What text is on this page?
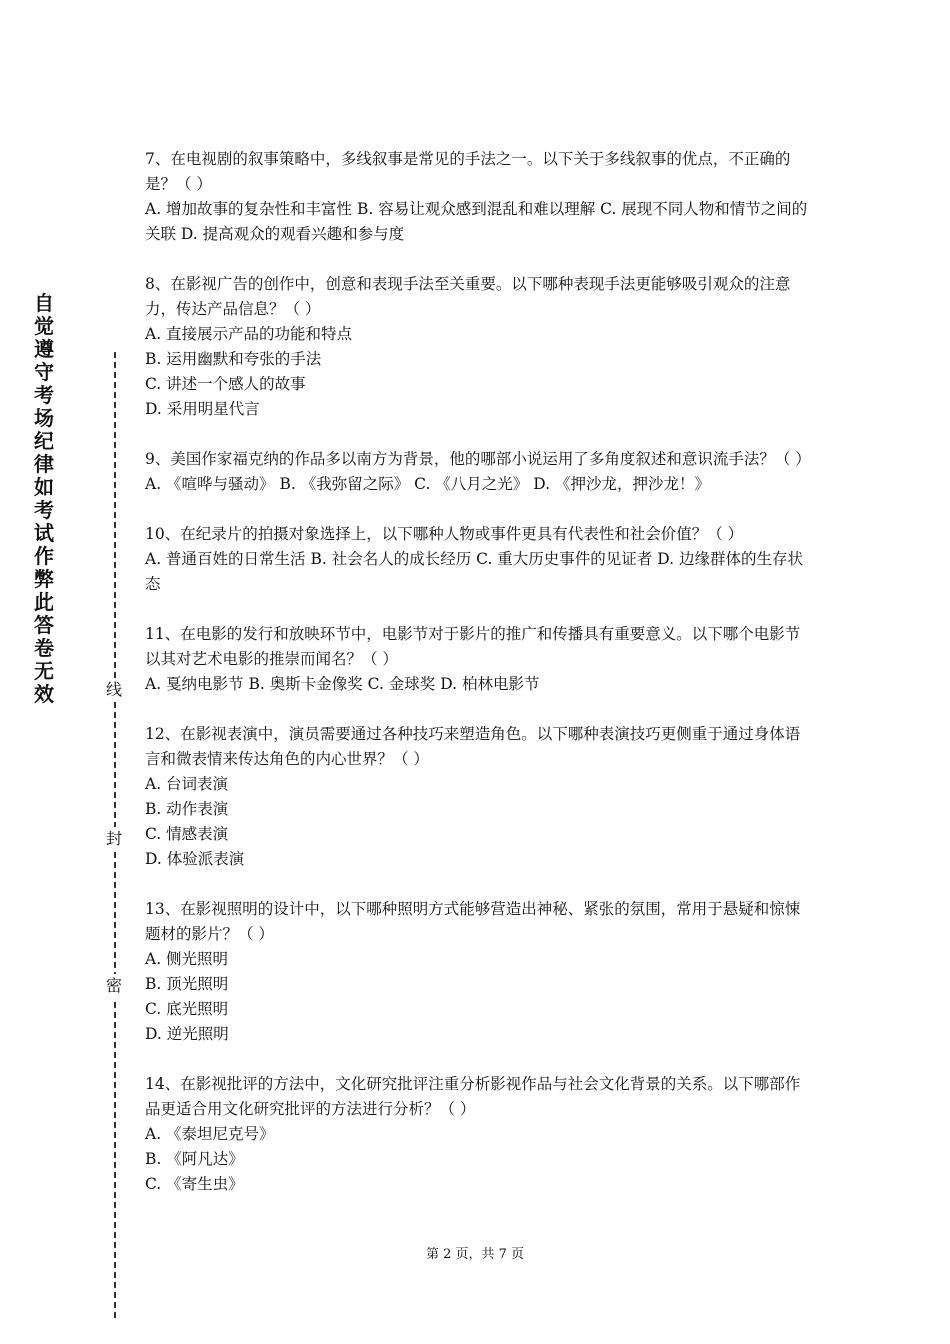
自觉遵守考场纪律如考试作弊此答卷无效	线
封
密

7、在电视剧的叙事策略中，多线叙事是常见的手法之一。以下关于多线叙事的优点，不正确的是？（ ）

A. 增加故事的复杂性和丰富性 B. 容易让观众感到混乱和难以理解 C. 展现不同人物和情节之间的关联 D. 提高观众的观看兴趣和参与度

8、在影视广告的创作中，创意和表现手法至关重要。以下哪种表现手法更能够吸引观众的注意力，传达产品信息？（ ）

A. 直接展示产品的功能和特点

B. 运用幽默和夸张的手法

C. 讲述一个感人的故事

D. 采用明星代言

9、美国作家福克纳的作品多以南方为背景，他的哪部小说运用了多角度叙述和意识流手法？（ ）

A. 《喧哗与骚动》 B. 《我弥留之际》 C. 《八月之光》 D. 《押沙龙，押沙龙！》

10、在纪录片的拍摄对象选择上，以下哪种人物或事件更具有代表性和社会价值？（ ）

A. 普通百姓的日常生活 B. 社会名人的成长经历 C. 重大历史事件的见证者 D. 边缘群体的生存状态

11、在电影的发行和放映环节中，电影节对于影片的推广和传播具有重要意义。以下哪个电影节以其对艺术电影的推崇而闻名？（ ）

A. 戛纳电影节 B. 奥斯卡金像奖 C. 金球奖 D. 柏林电影节

12、在影视表演中，演员需要通过各种技巧来塑造角色。以下哪种表演技巧更侧重于通过身体语言和微表情来传达角色的内心世界？（ ）

A. 台词表演

B. 动作表演

C. 情感表演

D. 体验派表演

13、在影视照明的设计中，以下哪种照明方式能够营造出神秘、紧张的氛围，常用于悬疑和惊悚题材的影片？（ ）

A. 侧光照明

B. 顶光照明

C. 底光照明

D. 逆光照明

14、在影视批评的方法中，文化研究批评注重分析影视作品与社会文化背景的关系。以下哪部作品更适合用文化研究批评的方法进行分析？（ ）

A. 《泰坦尼克号》

B. 《阿凡达》

C. 《寄生虫》

第 2 页，共 7 页
